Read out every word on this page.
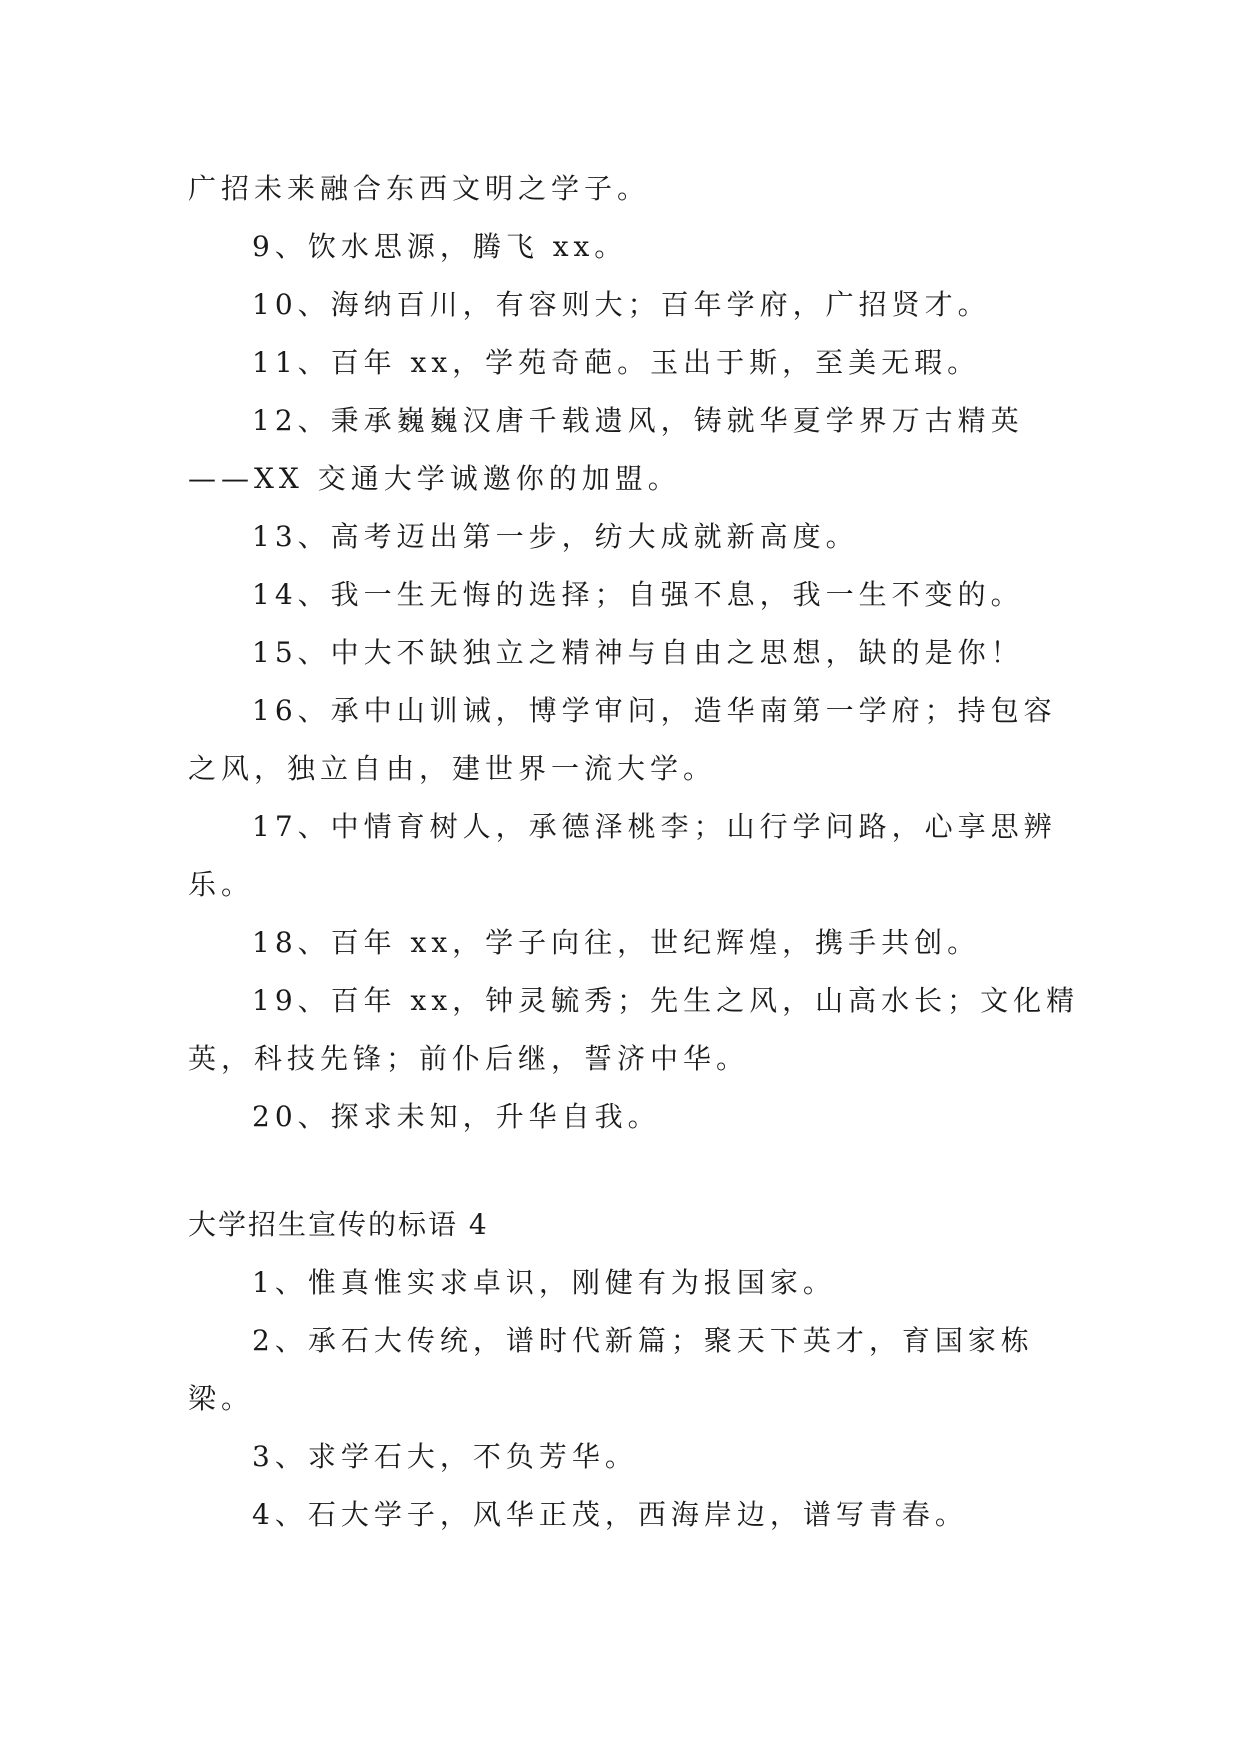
广招未来融合东西文明之学子。
9、饮水思源，腾飞 xx。
10、海纳百川，有容则大；百年学府，广招贤才。
11、百年 xx，学苑奇葩。玉出于斯，至美无瑕。
12、秉承巍巍汉唐千载遗风，铸就华夏学界万古精英
——XX 交通大学诚邀你的加盟。
13、高考迈出第一步，纺大成就新高度。
14、我一生无悔的选择；自强不息，我一生不变的。
15、中大不缺独立之精神与自由之思想，缺的是你！
16、承中山训诫，博学审问，造华南第一学府；持包容
之风，独立自由，建世界一流大学。
17、中情育树人，承德泽桃李；山行学问路，心享思辨
乐。
18、百年 xx，学子向往，世纪辉煌，携手共创。
19、百年 xx，钟灵毓秀；先生之风，山高水长；文化精
英，科技先锋；前仆后继，誓济中华。
20、探求未知，升华自我。
大学招生宣传的标语 4
1、惟真惟实求卓识，刚健有为报国家。
2、承石大传统，谱时代新篇；聚天下英才，育国家栋
梁。
3、求学石大，不负芳华。
4、石大学子，风华正茂，西海岸边，谱写青春。
